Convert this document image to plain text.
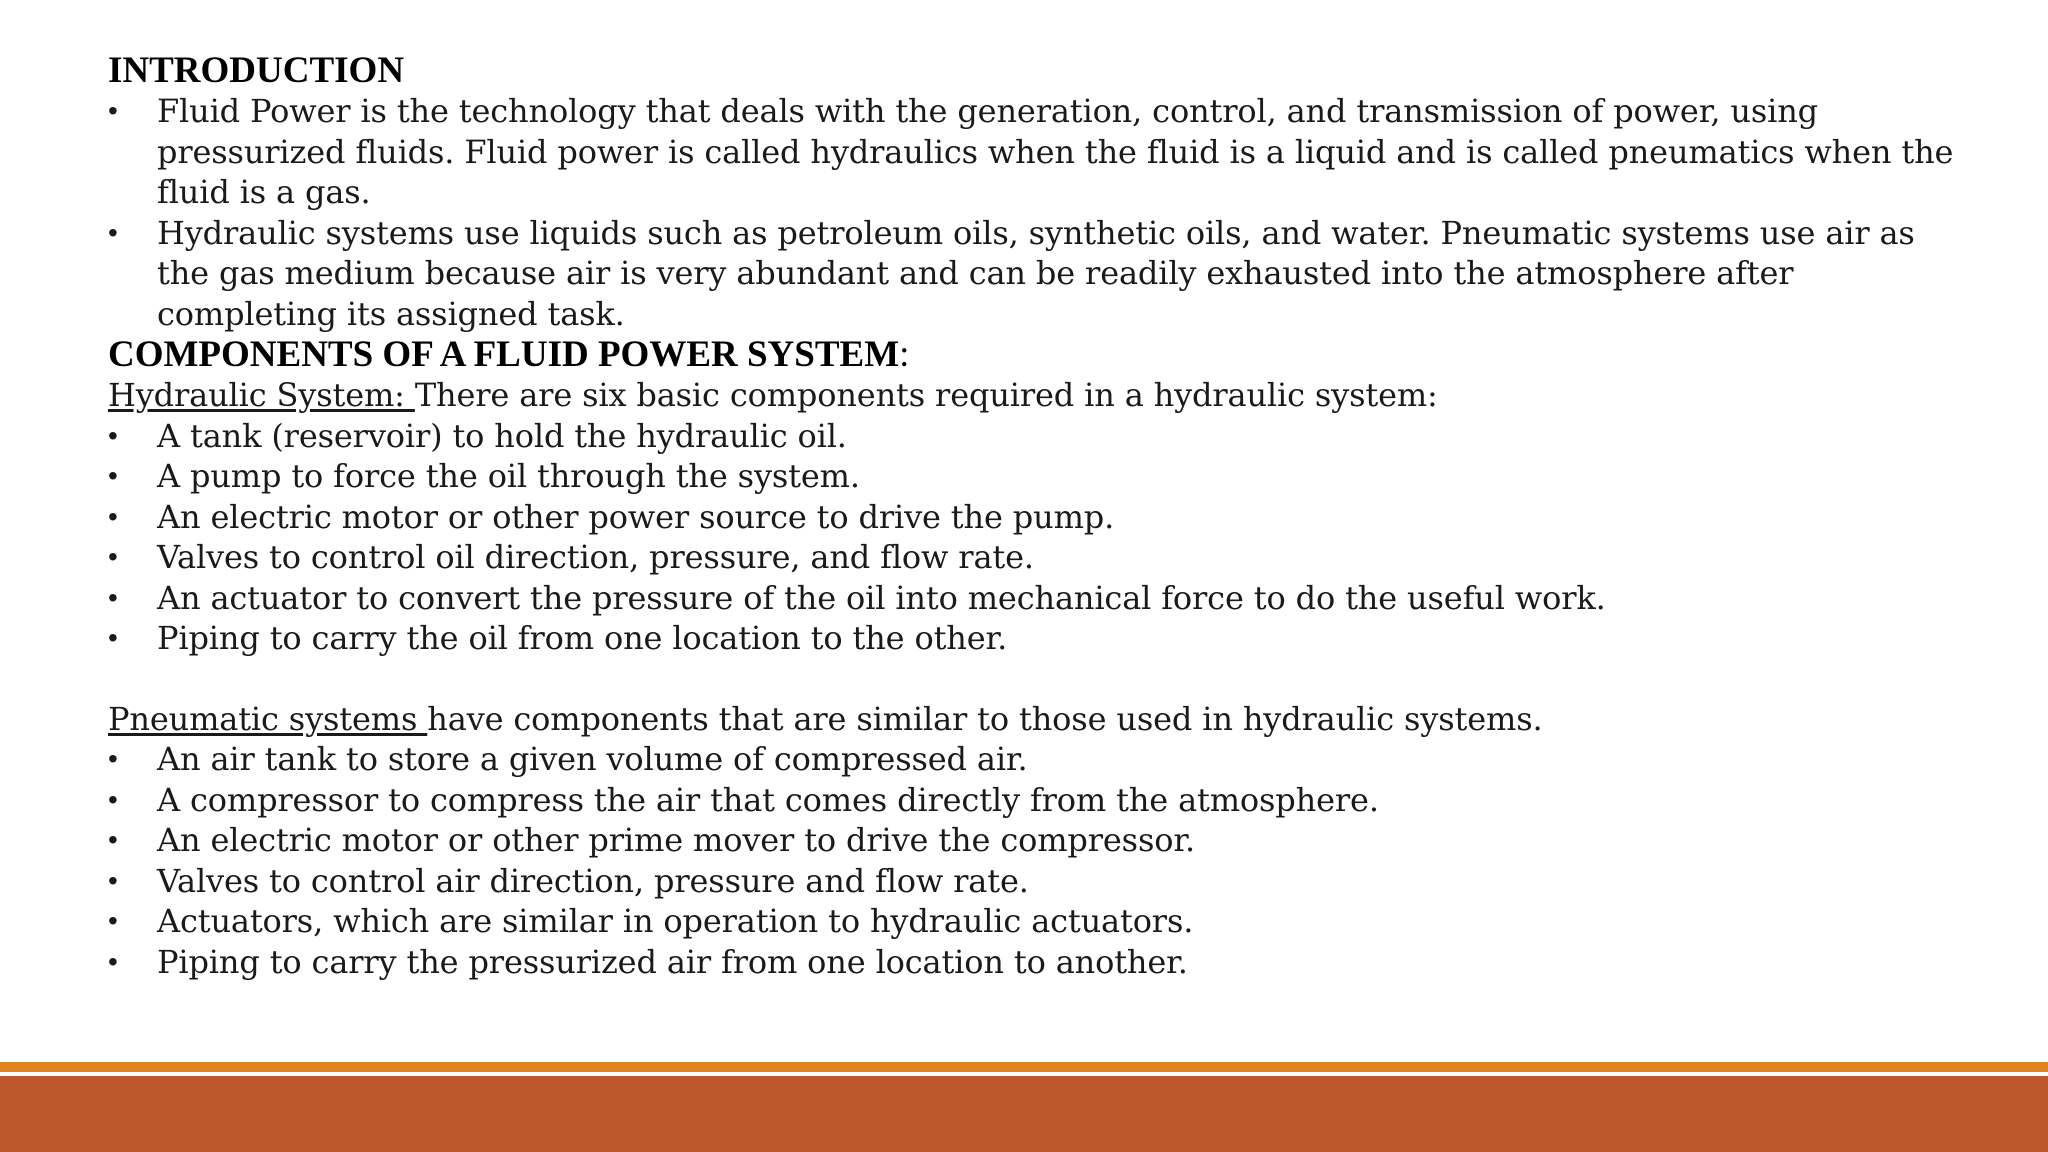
INTRODUCTION
•	Fluid Power is the technology that deals with the generation, control, and transmission of power, using pressurized fluids. Fluid power is called hydraulics when the fluid is a liquid and is called pneumatics when the fluid is a gas.
•	Hydraulic systems use liquids such as petroleum oils, synthetic oils, and water. Pneumatic systems use air as the gas medium because air is very abundant and can be readily exhausted into the atmosphere after completing its assigned task.
COMPONENTS OF A FLUID POWER SYSTEM:

Hydraulic System: There are six basic components required in a hydraulic system:

•	A tank (reservoir) to hold the hydraulic oil.
•	A pump to force the oil through the system.
•	An electric motor or other power source to drive the pump.
•	Valves to control oil direction, pressure, and flow rate.
•	An actuator to convert the pressure of the oil into mechanical force to do the useful work.
•	Piping to carry the oil from one location to the other.

Pneumatic systems have components that are similar to those used in hydraulic systems.

•	An air tank to store a given volume of compressed air.
•	A compressor to compress the air that comes directly from the atmosphere.
•	An electric motor or other prime mover to drive the compressor.
•	Valves to control air direction, pressure and flow rate.
•	Actuators, which are similar in operation to hydraulic actuators.
•	Piping to carry the pressurized air from one location to another.
